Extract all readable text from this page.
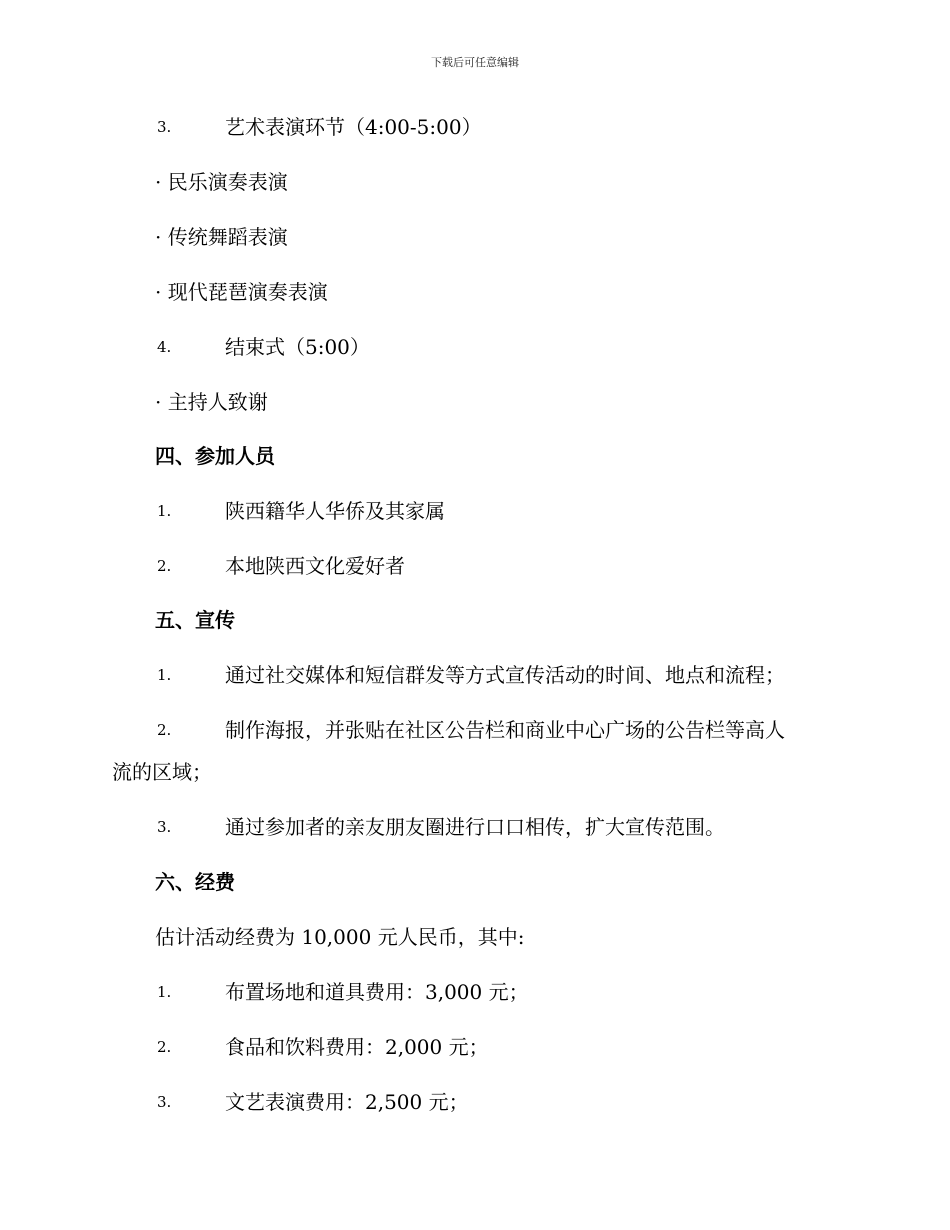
下载后可任意编辑
3.	艺术表演环节（4:00-5:00）
· 民乐演奏表演
· 传统舞蹈表演
· 现代琵琶演奏表演
4.	结束式（5:00）
· 主持人致谢
四、参加人员
1.	陕西籍华人华侨及其家属
2.	本地陕西文化爱好者
五、宣传
1.	通过社交媒体和短信群发等方式宣传活动的时间、地点和流程；
2.	制作海报，并张贴在社区公告栏和商业中心广场的公告栏等高人
流的区域；
3.	通过参加者的亲友朋友圈进行口口相传，扩大宣传范围。
六、经费
估计活动经费为 10,000 元人民币，其中:
1.	布置场地和道具费用：3,000 元；
2.	食品和饮料费用：2,000 元；
3.	文艺表演费用：2,500 元；
